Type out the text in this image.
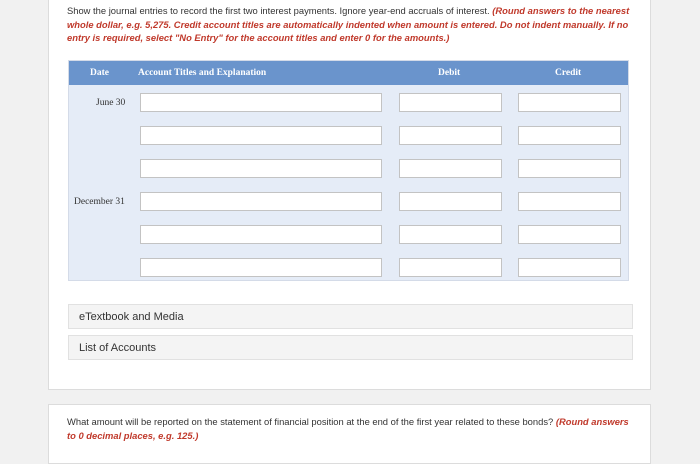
Show the journal entries to record the first two interest payments. Ignore year-end accruals of interest. (Round answers to the nearest whole dollar, e.g. 5,275. Credit account titles are automatically indented when amount is entered. Do not indent manually. If no entry is required, select "No Entry" for the account titles and enter 0 for the amounts.)
Date	Account Titles and Explanation	Debit	Credit
June 30
December 31
eTextbook and Media
List of Accounts
What amount will be reported on the statement of financial position at the end of the first year related to these bonds? (Round answers to 0 decimal places, e.g. 125.)
